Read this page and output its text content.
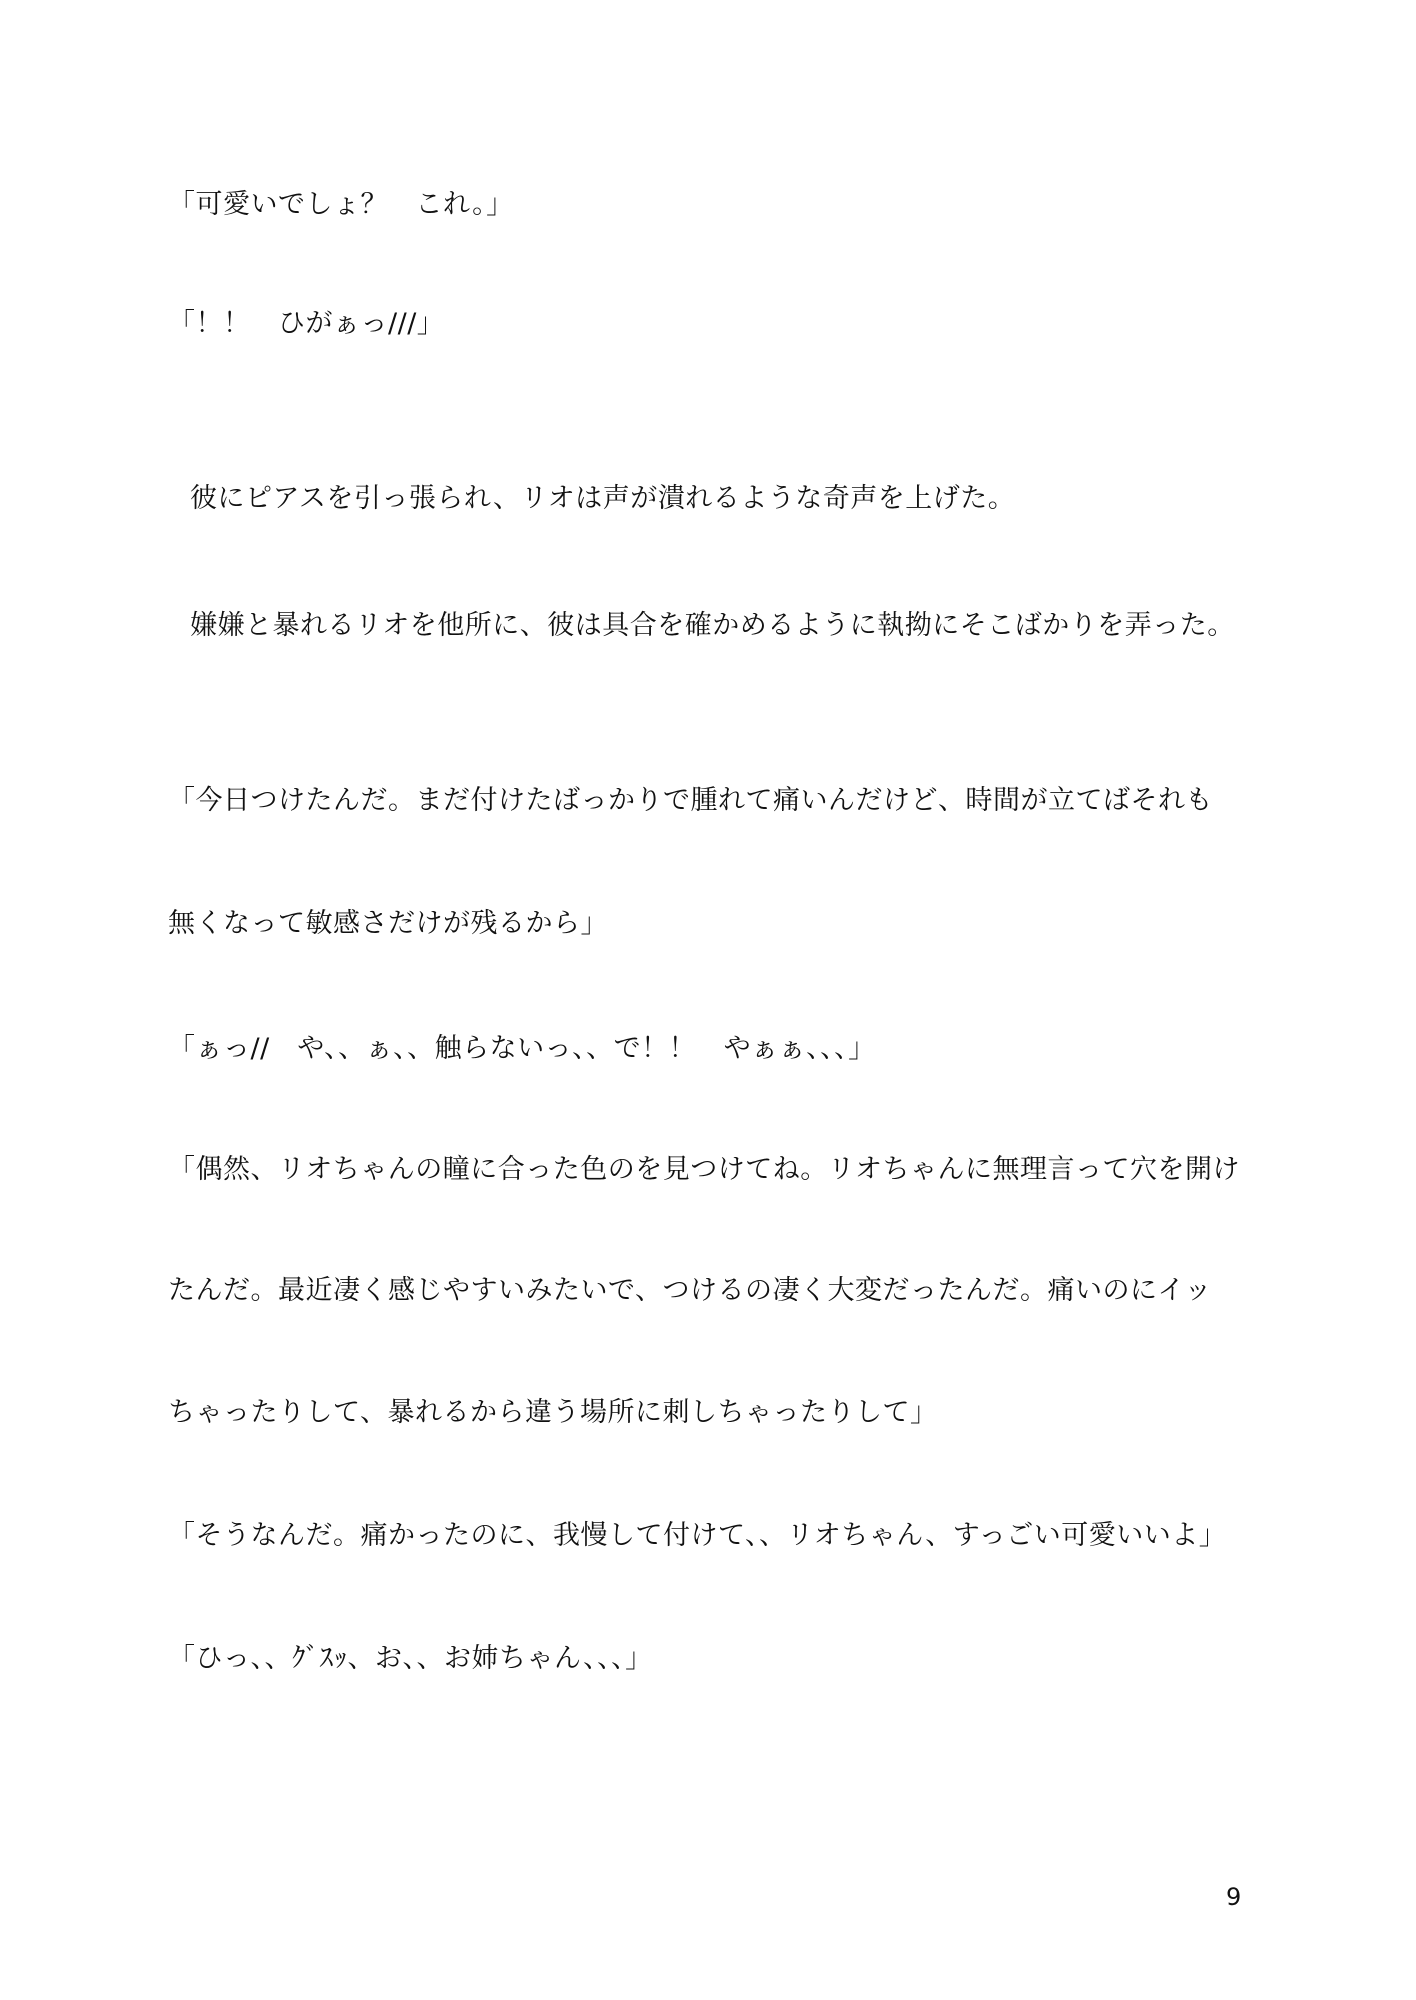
「可愛いでしょ？　これ。」
「！！　ひがぁっ///」
彼にピアスを引っ張られ、リオは声が潰れるような奇声を上げた。
嫌嫌と暴れるリオを他所に、彼は具合を確かめるように執拗にそこばかりを弄った。
「今日つけたんだ。まだ付けたばっかりで腫れて痛いんだけど、時間が立てばそれも
無くなって敏感さだけが残るから」
「ぁっ//　や、、ぁ、、触らないっ、、で！！　やぁぁ、、、」
「偶然、リオちゃんの瞳に合った色のを見つけてね。リオちゃんに無理言って穴を開け
たんだ。最近凄く感じやすいみたいで、つけるの凄く大変だったんだ。痛いのにイッ
ちゃったりして、暴れるから違う場所に刺しちゃったりして」
「そうなんだ。痛かったのに、我慢して付けて、、リオちゃん、すっごい可愛いいよ」
「ひっ、、ｸﾞｽｯ、お、、お姉ちゃん、、、」
9
